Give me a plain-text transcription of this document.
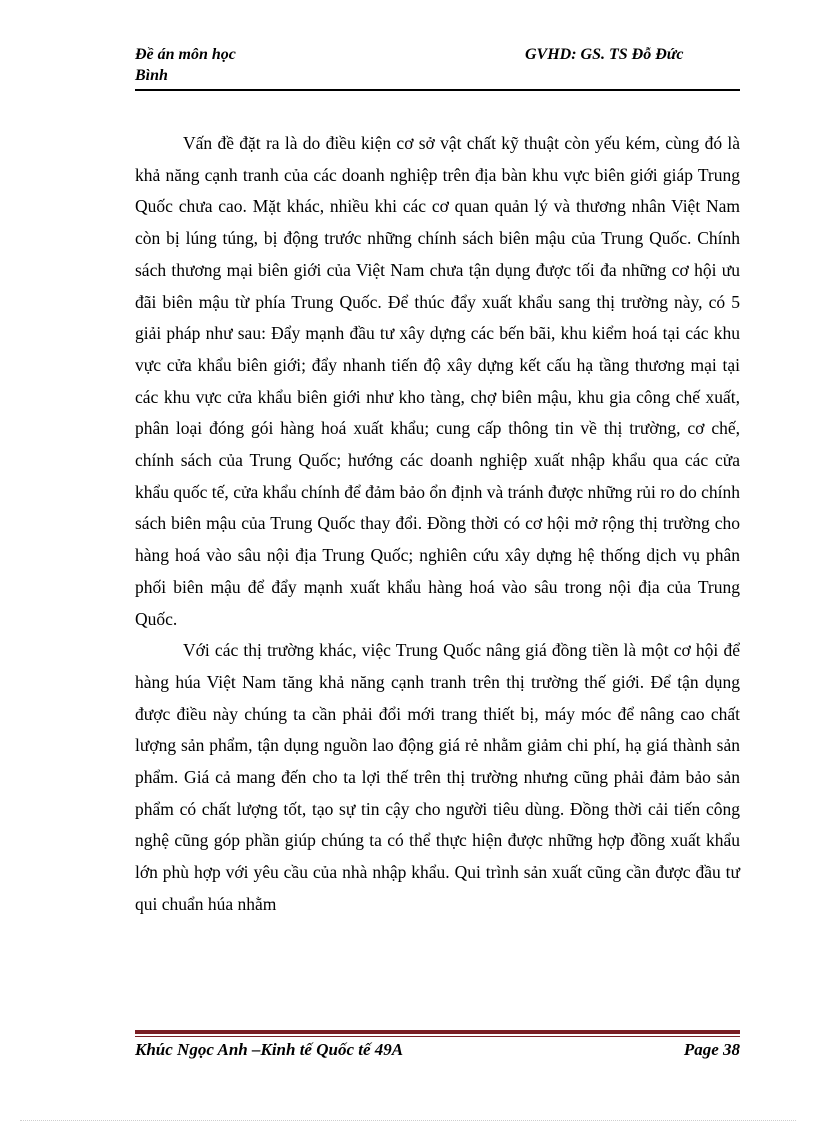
Đề án môn học
Bình
GVHD: GS. TS Đỗ Đức

Vấn đề đặt ra là do điều kiện cơ sở vật chất kỹ thuật còn yếu kém, cùng đó là khả năng cạnh tranh của các doanh nghiệp trên địa bàn khu vực biên giới giáp Trung Quốc chưa cao. Mặt khác, nhiều khi các cơ quan quản lý và thương nhân Việt Nam còn bị lúng túng, bị động trước những chính sách biên mậu của Trung Quốc. Chính sách thương mại biên giới của Việt Nam chưa tận dụng được tối đa những cơ hội ưu đãi biên mậu từ phía Trung Quốc. Để thúc đẩy xuất khẩu sang thị trường này, có 5 giải pháp như sau: Đẩy mạnh đầu tư xây dựng các bến bãi, khu kiểm hoá tại các khu vực cửa khẩu biên giới; đẩy nhanh tiến độ xây dựng kết cấu hạ tầng thương mại tại các khu vực cửa khẩu biên giới như kho tàng, chợ biên mậu, khu gia công chế xuất, phân loại đóng gói hàng hoá xuất khẩu; cung cấp thông tin về thị trường, cơ chế, chính sách của Trung Quốc; hướng các doanh nghiệp xuất nhập khẩu qua các cửa khẩu quốc tế, cửa khẩu chính để đảm bảo ổn định và tránh được những rủi ro do chính sách biên mậu của Trung Quốc thay đổi. Đồng thời có cơ hội mở rộng thị trường cho hàng hoá vào sâu nội địa Trung Quốc; nghiên cứu xây dựng hệ thống dịch vụ phân phối biên mậu để đẩy mạnh xuất khẩu hàng hoá vào sâu trong nội địa của Trung Quốc.

Với các thị trường khác, việc Trung Quốc nâng giá đồng tiền là một cơ hội để hàng húa Việt Nam tăng khả năng cạnh tranh trên thị trường thế giới. Để tận dụng được điều này chúng ta cần phải đổi mới trang thiết bị, máy móc để nâng cao chất lượng sản phẩm, tận dụng nguồn lao động giá rẻ nhằm giảm chi phí, hạ giá thành sản phẩm. Giá cả mang đến cho ta lợi thế trên thị trường nhưng cũng phải đảm bảo sản phẩm có chất lượng tốt, tạo sự tin cậy cho người tiêu dùng. Đồng thời cải tiến công nghệ cũng góp phần giúp chúng ta có thể thực hiện được những hợp đồng xuất khẩu lớn phù hợp với yêu cầu của nhà nhập khẩu. Qui trình sản xuất cũng cần được đầu tư qui chuẩn húa nhằm

Khúc Ngọc Anh –Kinh tế Quốc tế 49A	Page 38
